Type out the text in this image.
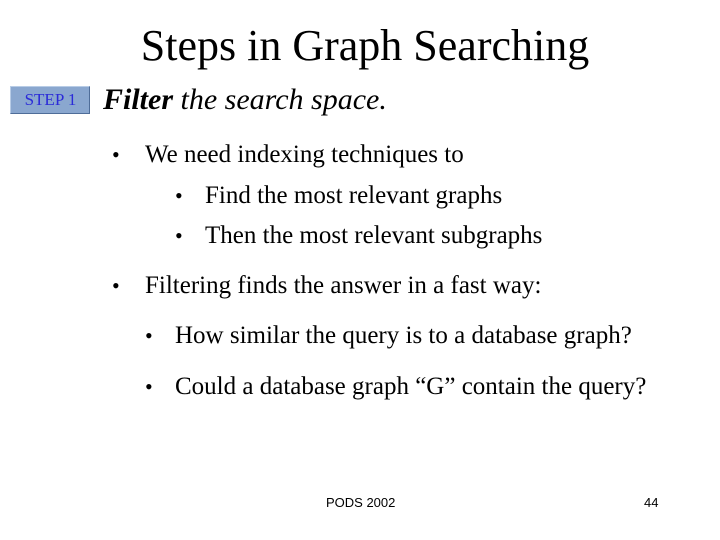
Steps in Graph Searching
STEP 1 Filter the search space.
• We need indexing techniques to
• Find the most relevant graphs
• Then the most relevant subgraphs
• Filtering finds the answer in a fast way:
• How similar the query is to a database graph?
• Could a database graph “G” contain the query?
PODS 2002	44
